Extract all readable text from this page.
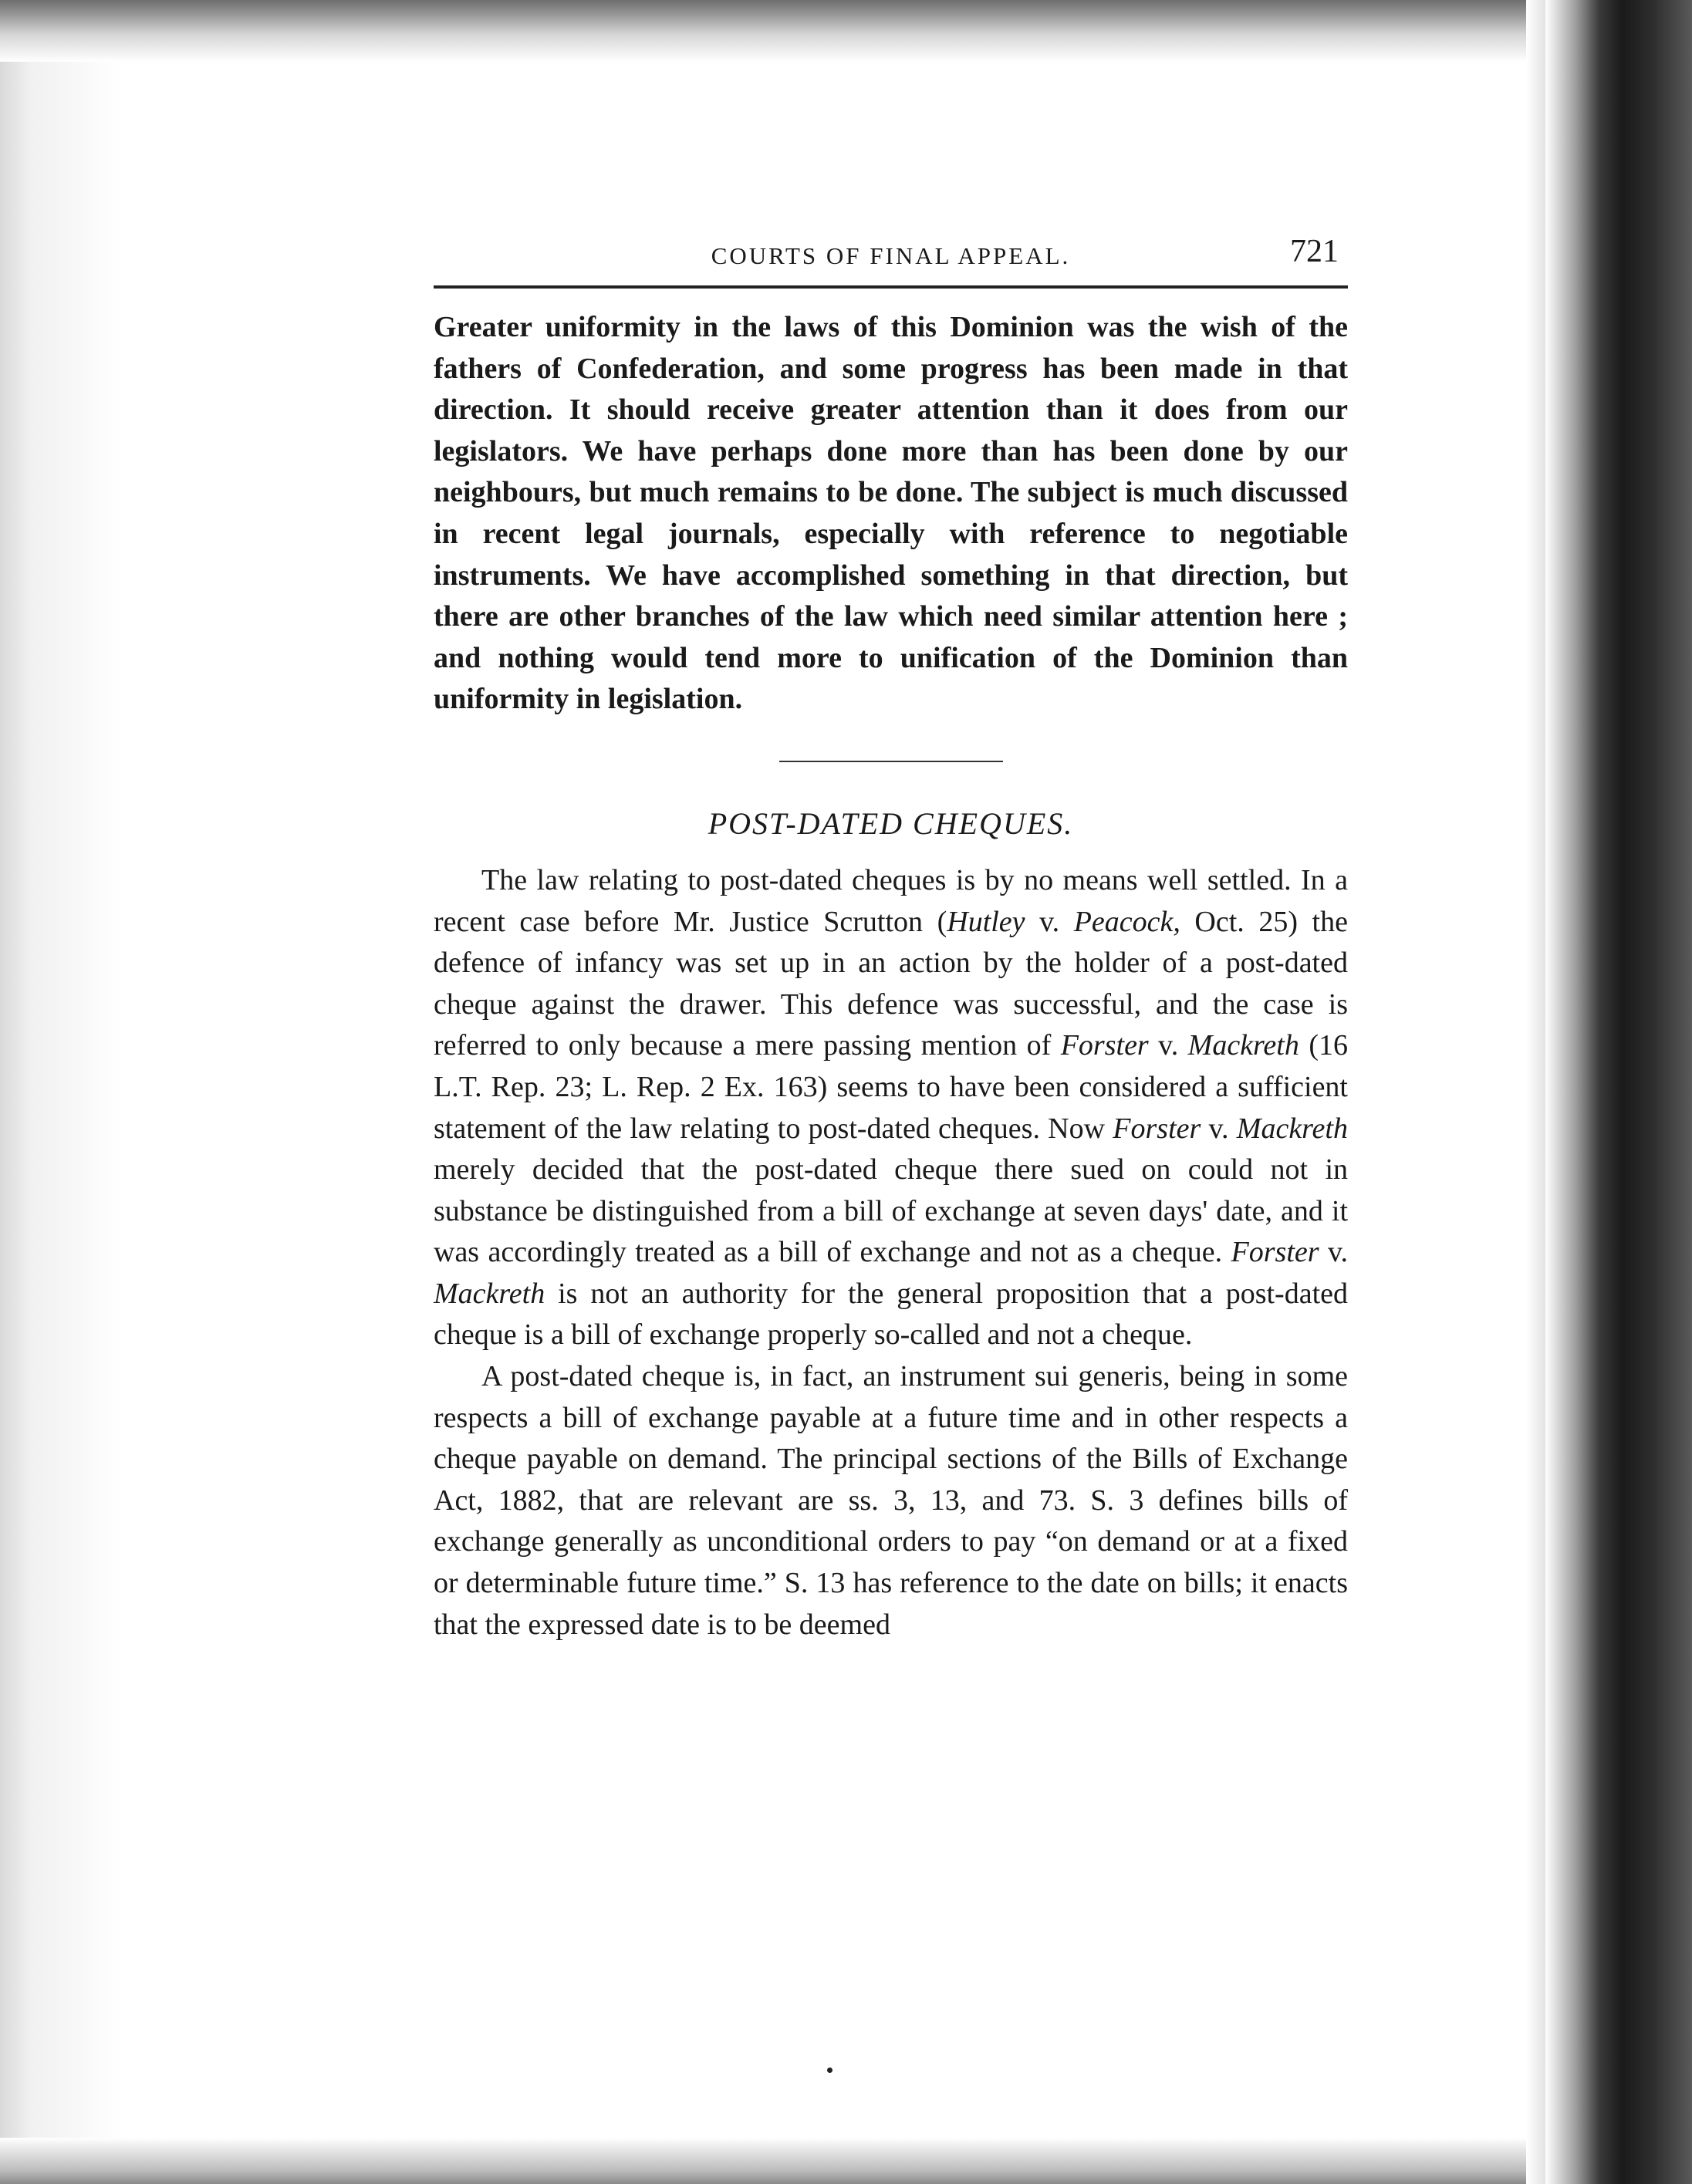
COURTS OF FINAL APPEAL.	721

Greater uniformity in the laws of this Dominion was the wish of the fathers of Confederation, and some progress has been made in that direction. It should receive greater attention than it does from our legislators. We have perhaps done more than has been done by our neighbours, but much remains to be done. The subject is much discussed in recent legal journals, especially with reference to negotiable instruments. We have accomplished something in that direction, but there are other branches of the law which need similar attention here ; and nothing would tend more to unification of the Dominion than uniformity in legislation.

POST-DATED CHEQUES.

The law relating to post-dated cheques is by no means well settled. In a recent case before Mr. Justice Scrutton (Hutley v. Peacock, Oct. 25) the defence of infancy was set up in an action by the holder of a post-dated cheque against the drawer. This defence was successful, and the case is referred to only because a mere passing mention of Forster v. Mackreth (16 L.T. Rep. 23; L. Rep. 2 Ex. 163) seems to have been considered a sufficient statement of the law relating to post-dated cheques. Now Forster v. Mackreth merely decided that the post-dated cheque there sued on could not in substance be distinguished from a bill of exchange at seven days' date, and it was accordingly treated as a bill of exchange and not as a cheque. Forster v. Mackreth is not an authority for the general proposition that a post-dated cheque is a bill of exchange properly so-called and not a cheque.

A post-dated cheque is, in fact, an instrument sui generis, being in some respects a bill of exchange payable at a future time and in other respects a cheque payable on demand. The principal sections of the Bills of Exchange Act, 1882, that are relevant are ss. 3, 13, and 73. S. 3 defines bills of exchange generally as unconditional orders to pay “on demand or at a fixed or determinable future time.” S. 13 has reference to the date on bills; it enacts that the expressed date is to be deemed
